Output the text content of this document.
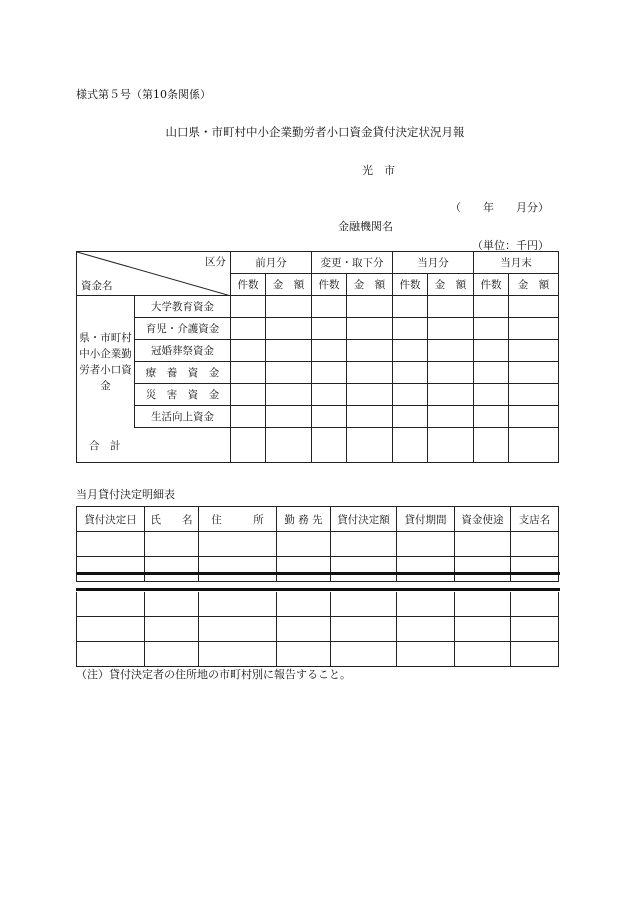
様式第５号（第10条関係）
山口県・市町村中小企業勤労者小口資金貸付決定状況月報
光　市
（　　年　　月分）
金融機関名
（単位：千円）
区分
資金名		前月分		変更・取下分		当月分		当月末	
		件数	金　額	件数	金　額	件数	金　額	件数	金　額
県・市町村中小企業勤労者小口資金	大学教育資金								
	育児・介護資金								
	冠婚葬祭資金								
	療　養　資　金								
	災　害　資　金								
	生活向上資金								
合　計									
当月貸付決定明細表
貸付決定日	氏　　名	住　　　所	勤 務 先	貸付決定額	貸付期間	資金使途	支店名

（注）貸付決定者の住所地の市町村別に報告すること。
